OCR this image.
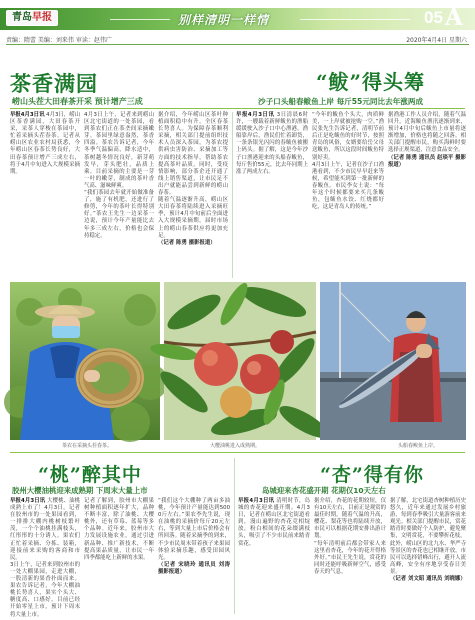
青岛早报	别样清明一样情	05 A
责编：隋蕾 美编：刘来伟 审读：赵伟广	2020年4月4日 星期六
茶香满园
崂山头茬大田春茶开采 预计增产三成
“鲅”得头筹
沙子口头船春鲅鱼上岸 每斤55元同比去年涨两成
早报4月3日讯 4月3日，崂山区茶香满园，大田春茶开采，采茶人穿梭在茶园中，忙着采摘头茬春茶。记者从崂山区农业农村局获悉，今年崂山区春茶长势良好，大田春茶预计增产三成左右，将于4月中旬进入大规模采摘期。
4月3日上午，记者来到崂山区北宅街道的一处茶园，看到茶农们正在茶垄间采摘嫩芽。茶园里绿意盎然，茶香四溢。茶农告诉记者，今年冬季气温偏高，降水适中，茶树越冬情况良好，新芽萌发早，芽头肥壮，品质上乘。目前采摘的主要是一芽一叶的嫩芽，制成的茶叶香气高、滋味鲜爽。
“我们茶园去年就开始做准备了，施了有机肥，还进行了修剪，今年的茶叶长得特别好。”茶农王先生一边采茶一边说，预计今年产量能比去年多三成左右，价格也会保持稳定。
据介绍，今年崂山区茶叶种植面积稳中有升，全区春茶长势喜人。为保障春茶顺利采摘，相关部门提前组织技术人员深入茶园，为茶农提供病虫害防治、采摘加工等方面的技术指导，帮助茶农提高茶叶品质。同时，受疫情影响，部分茶企还开通了线上销售渠道，让市民足不出户就能品尝到新鲜的崂山春茶。
随着气温逐渐升高，崂山区大田春茶将陆续进入采摘旺季，预计4月中旬前后全面进入大规模采摘期，届时市场上的崂山春茶供应将更加充足。
（记者 陈勇 摄影报道）
早报4月3日讯 3日清晨6时许，一艘载着新鲜鲅鱼的渔船缓缓驶入沙子口中心渔港。渔船靠岸后，渔民们忙着卸货，一条条银光闪闪的春鲅鱼被搬上码头。据了解，这是今年沙子口渔港迎来的头船春鲅鱼，每斤售价55元，比去年同期上涨了两成左右。
“今年的鲅鱼个头大，肉质鲜美，一上岸就被抢购一空。”渔民张先生告诉记者，清明节前后正是吃鲅鱼的好时节，按照青岛的风俗，女婿要给岳父母送鲅鱼，所以这段时间鲅鱼特别好卖。
4月3日上午，记者在沙子口渔港看到，不少市民早早赶来等候，希望能买到第一批新鲜的春鲅鱼。市民李女士说：“每年这个时候都要来买几条鲅鱼，包鲅鱼水饺、红烧都好吃，这是青岛人的传统。”
据渔港工作人员介绍，随着气温回升，近海鲅鱼渔汛逐渐到来，预计4月中旬后鲅鱼上市量将逐渐增加，价格也将随之回落。相关部门提醒市民，购买海鲜时要选择正规渠道，注意食品安全。
（记者 陈勇 通讯员 赵琰平 摄影报道）
茶农在采摘头茬春茶。	大樱油桃进入成熟期。	头船春鲅鱼上岸。
“桃”醉其中
胶州大樱油桃迎来成熟期 下周末大量上市
早报4月3日讯 大樱桃、油桃成熟上市了！4月3日，记者在胶州市的一处果园看到，一排排大棚内桃树枝繁叶茂，一个个油桃挂满枝头，红彤彤的十分诱人。果农们正忙着采摘、分拣、装箱，迎接前来采购的客商和市民。
3日上午，记者来到胶州市的一处大棚果园，走进大棚，一股清新的果香扑面而来。果农告诉记者，今年大棚油桃长势喜人，果实个头大、糖度高、口感好，目前已经开始零星上市，预计下周末将大量上市。
记者了解到，胶州市大棚果树种植面积逐年扩大，品种不断丰富，除了油桃、大樱桃外，还有草莓、蓝莓等多个品种。近年来，胶州市大力发展设施农业，通过引进新品种、推广新技术，不断提高果品质量，让市民一年四季都能吃上新鲜的水果。
“我们这个大棚种了两亩多油桃，今年预计产量能达到5000斤左右。”果农李先生说，现在油桃的采摘价每斤20元左右，等到大量上市后价格会有所回落。随着采摘季的到来，不少市民周末带着孩子来果园体验采摘乐趣，感受田园风光。
（记者 宋晓玲 通讯员 刘涛 摄影报道）
“杏”得有你
岛城迎来杏花盛开期 花期仅10天左右
早报4月3日讯 清明时节，岛城的杏花迎来盛开期。4月3日，记者在崂山区北宅街道看到，漫山遍野的杏花竞相绽放，粉白相间的花朵缀满枝头，吸引了不少市民前来踏青赏花。
据介绍，杏花的花期较短，仅有10天左右，目前正是观赏的最佳时期。随着气温的升高，樱花、梨花等也将陆续开放，市民可以根据花期安排出游计划。
“每年清明前后都会带家人来这里看杏花，今年的花开得格外好。”市民王先生说，赏花的同时还能呼吸新鲜空气，感受春天的气息。
据了解，北宅街道杏树种植历史悠久，近年来通过发展乡村旅游，每到春季吸引大量游客前来观光。相关部门提醒市民，赏花踏青时要做好个人防护，避免聚集，文明赏花，不要攀折花枝。
此外，崂山区的北九水、华严寺等景区的杏花也已相继开放，市民可以选择错峰出行，避开人流高峰，安全有序地享受春日美景。
（记者 刘文昭 通讯员 刘晓娜）
